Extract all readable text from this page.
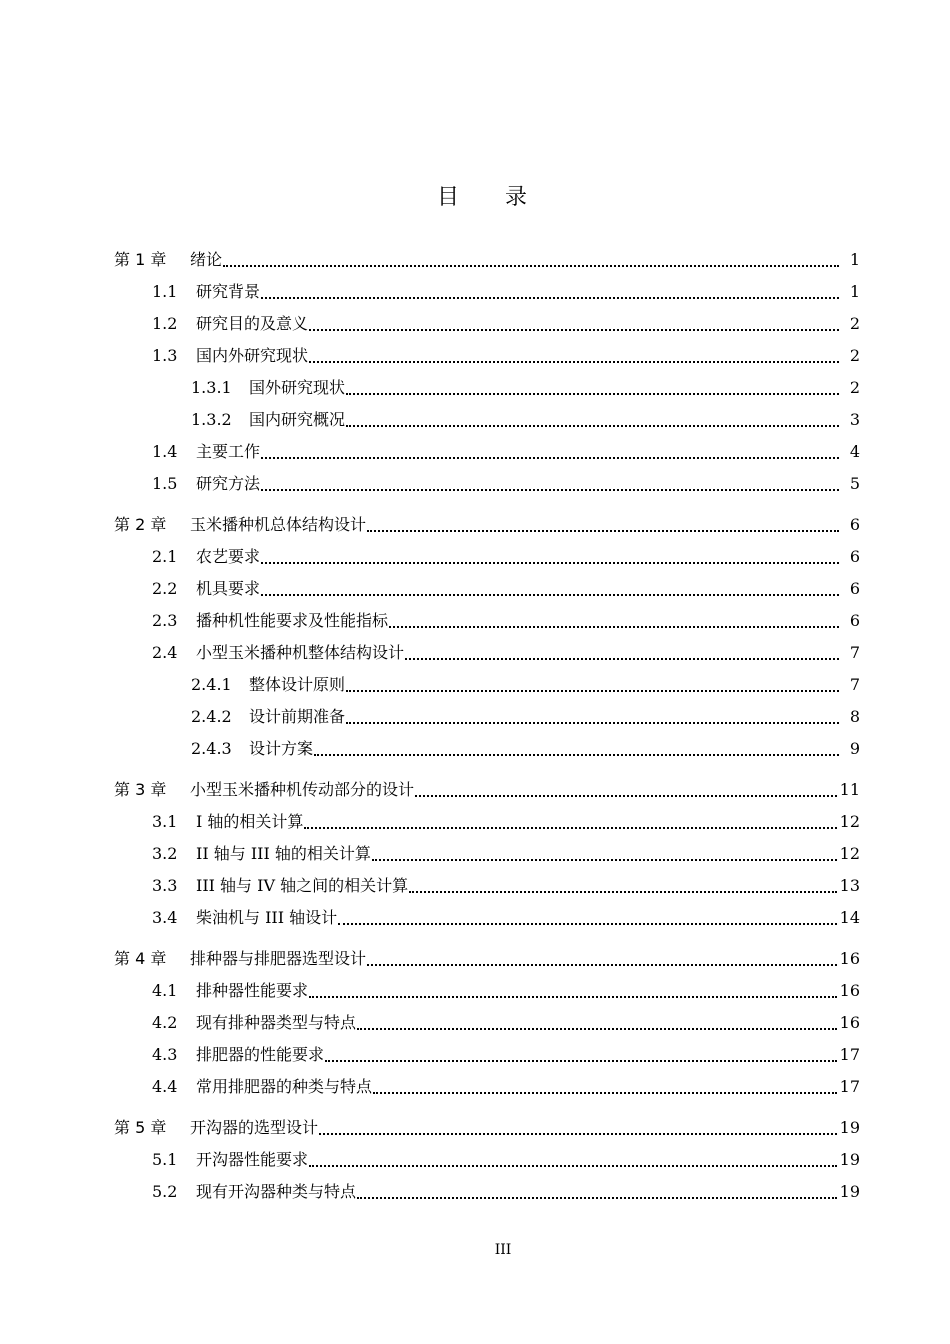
目录
第 1 章	绪论	1
1.1	研究背景	1
1.2	研究目的及意义	2
1.3	国内外研究现状	2
1.3.1	国外研究现状	2
1.3.2	国内研究概况	3
1.4	主要工作	4
1.5	研究方法	5
第 2 章	玉米播种机总体结构设计	6
2.1	农艺要求	6
2.2	机具要求	6
2.3	播种机性能要求及性能指标	6
2.4	小型玉米播种机整体结构设计	7
2.4.1	整体设计原则	7
2.4.2	设计前期准备	8
2.4.3	设计方案	9
第 3 章	小型玉米播种机传动部分的设计	11
3.1	I 轴的相关计算	12
3.2	II 轴与 III 轴的相关计算	12
3.3	III 轴与 IV 轴之间的相关计算	13
3.4	柴油机与 III 轴设计	14
第 4 章	排种器与排肥器选型设计	16
4.1	排种器性能要求	16
4.2	现有排种器类型与特点	16
4.3	排肥器的性能要求	17
4.4	常用排肥器的种类与特点	17
第 5 章	开沟器的选型设计	19
5.1	开沟器性能要求	19
5.2	现有开沟器种类与特点	19
III
